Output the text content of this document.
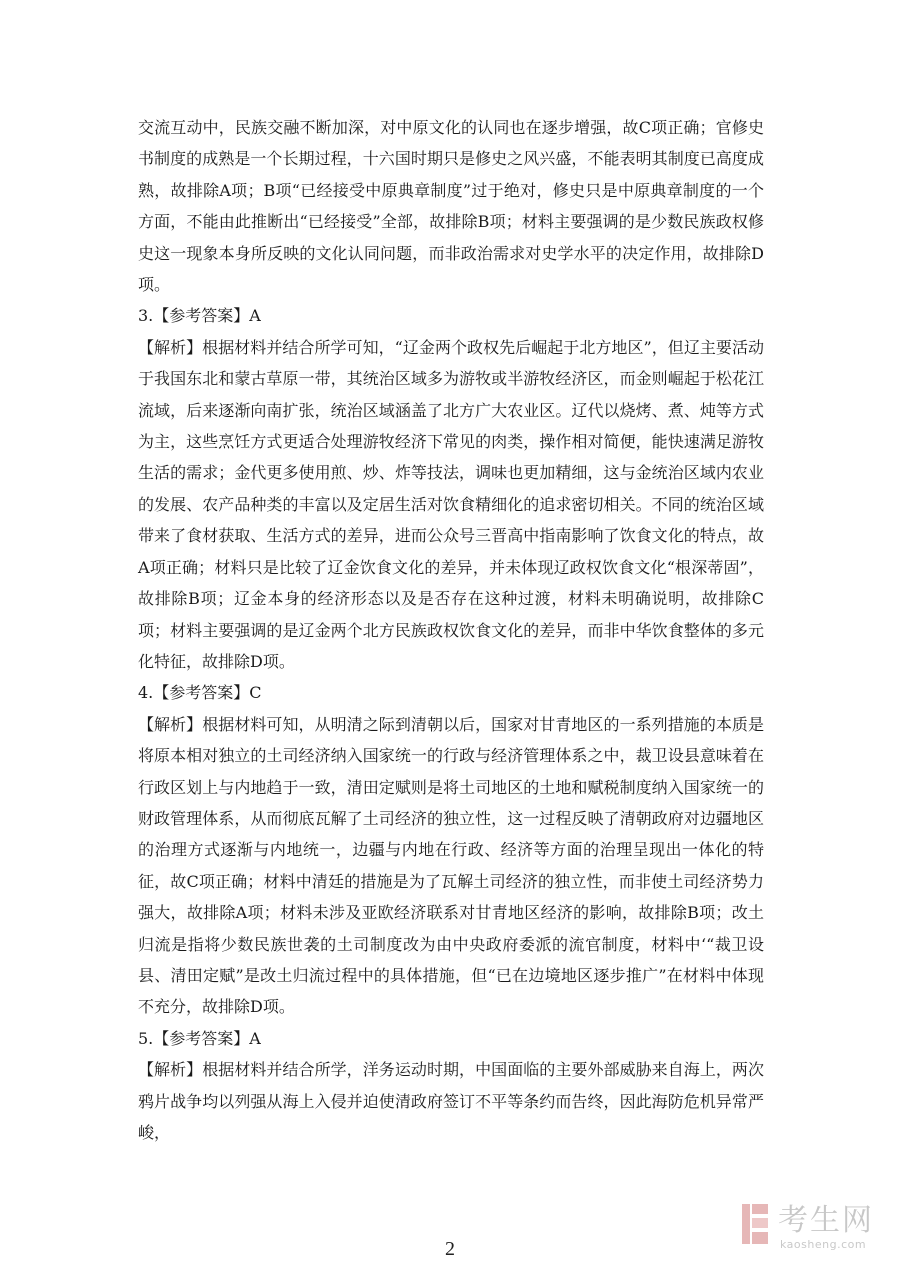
交流互动中，民族交融不断加深，对中原文化的认同也在逐步增强，故C项正确；官修史书制度的成熟是一个长期过程，十六国时期只是修史之风兴盛，不能表明其制度已高度成熟，故排除A项；B项“已经接受中原典章制度”过于绝对，修史只是中原典章制度的一个方面，不能由此推断出“已经接受”全部，故排除B项；材料主要强调的是少数民族政权修史这一现象本身所反映的文化认同问题，而非政治需求对史学水平的决定作用，故排除D项。

3.【参考答案】A

【解析】根据材料并结合所学可知，“辽金两个政权先后崛起于北方地区”，但辽主要活动于我国东北和蒙古草原一带，其统治区域多为游牧或半游牧经济区，而金则崛起于松花江流域，后来逐渐向南扩张，统治区域涵盖了北方广大农业区。辽代以烧烤、煮、炖等方式为主，这些烹饪方式更适合处理游牧经济下常见的肉类，操作相对简便，能快速满足游牧生活的需求；金代更多使用煎、炒、炸等技法，调味也更加精细，这与金统治区域内农业的发展、农产品种类的丰富以及定居生活对饮食精细化的追求密切相关。不同的统治区域带来了食材获取、生活方式的差异，进而公众号三晋高中指南影响了饮食文化的特点，故A项正确；材料只是比较了辽金饮食文化的差异，并未体现辽政权饮食文化“根深蒂固”，故排除B项；辽金本身的经济形态以及是否存在这种过渡，材料未明确说明，故排除C项；材料主要强调的是辽金两个北方民族政权饮食文化的差异，而非中华饮食整体的多元化特征，故排除D项。

4.【参考答案】C

【解析】根据材料可知，从明清之际到清朝以后，国家对甘青地区的一系列措施的本质是将原本相对独立的土司经济纳入国家统一的行政与经济管理体系之中，裁卫设县意味着在行政区划上与内地趋于一致，清田定赋则是将土司地区的土地和赋税制度纳入国家统一的财政管理体系，从而彻底瓦解了土司经济的独立性，这一过程反映了清朝政府对边疆地区的治理方式逐渐与内地统一，边疆与内地在行政、经济等方面的治理呈现出一体化的特征，故C项正确；材料中清廷的措施是为了瓦解土司经济的独立性，而非使土司经济势力强大，故排除A项；材料未涉及亚欧经济联系对甘青地区经济的影响，故排除B项；改土归流是指将少数民族世袭的土司制度改为由中央政府委派的流官制度，材料中‘“裁卫设县、清田定赋”是改土归流过程中的具体措施，但“已在边境地区逐步推广”在材料中体现不充分，故排除D项。

5.【参考答案】A

【解析】根据材料并结合所学，洋务运动时期，中国面临的主要外部威胁来自海上，两次鸦片战争均以列强从海上入侵并迫使清政府签订不平等条约而告终，因此海防危机异常严峻，

2
考生网
kaosheng.com
